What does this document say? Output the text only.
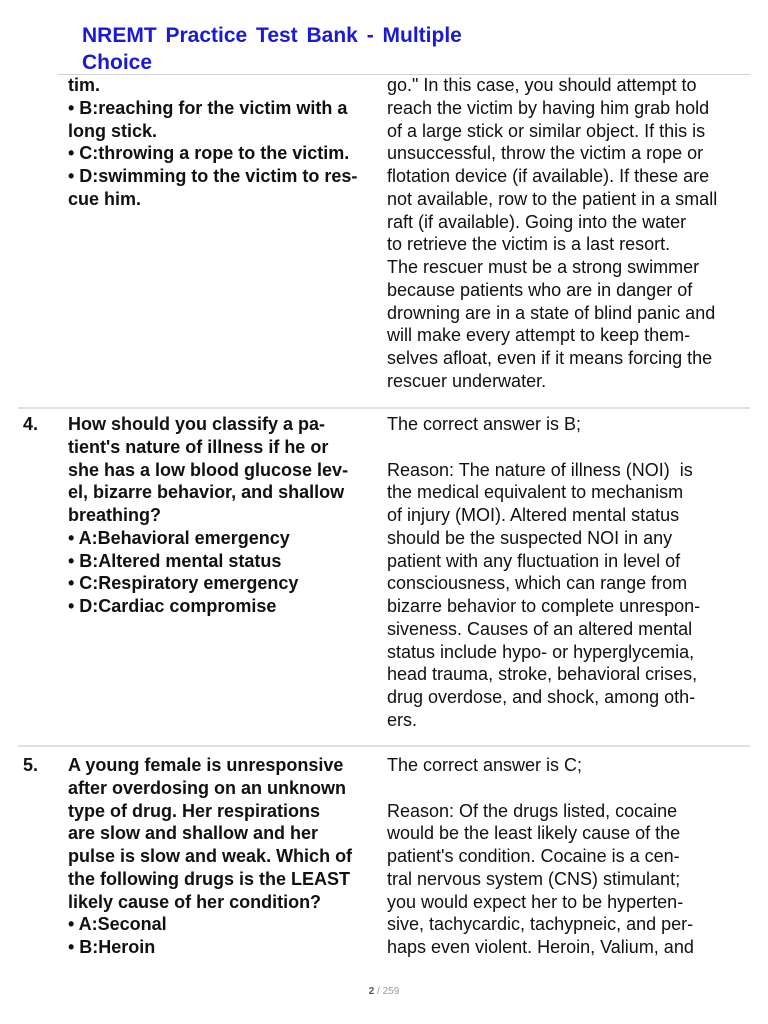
NREMT Practice Test Bank - Multiple Choice
tim.
• B:reaching for the victim with a
long stick.
• C:throwing a rope to the victim.
• D:swimming to the victim to res-
cue him.
go." In this case, you should attempt to
reach the victim by having him grab hold
of a large stick or similar object. If this is
unsuccessful, throw the victim a rope or
flotation device (if available). If these are
not available, row to the patient in a small
raft (if available). Going into the water
to retrieve the victim is a last resort.
The rescuer must be a strong swimmer
because patients who are in danger of
drowning are in a state of blind panic and
will make every attempt to keep them-
selves afloat, even if it means forcing the
rescuer underwater.
4. How should you classify a pa-
tient's nature of illness if he or
she has a low blood glucose lev-
el, bizarre behavior, and shallow
breathing?
• A:Behavioral emergency
• B:Altered mental status
• C:Respiratory emergency
• D:Cardiac compromise
The correct answer is B;

Reason: The nature of illness (NOI)  is
the medical equivalent to mechanism
of injury (MOI). Altered mental status
should be the suspected NOI in any
patient with any fluctuation in level of
consciousness, which can range from
bizarre behavior to complete unrespon-
siveness. Causes of an altered mental
status include hypo- or hyperglycemia,
head trauma, stroke, behavioral crises,
drug overdose, and shock, among oth-
ers.
5. A young female is unresponsive
after overdosing on an unknown
type of drug. Her respirations
are slow and shallow and her
pulse is slow and weak. Which of
the following drugs is the LEAST
likely cause of her condition?
• A:Seconal
• B:Heroin
The correct answer is C;

Reason: Of the drugs listed, cocaine
would be the least likely cause of the
patient's condition. Cocaine is a cen-
tral nervous system (CNS) stimulant;
you would expect her to be hyperten-
sive, tachycardic, tachypneic, and per-
haps even violent. Heroin, Valium, and
2 / 259
